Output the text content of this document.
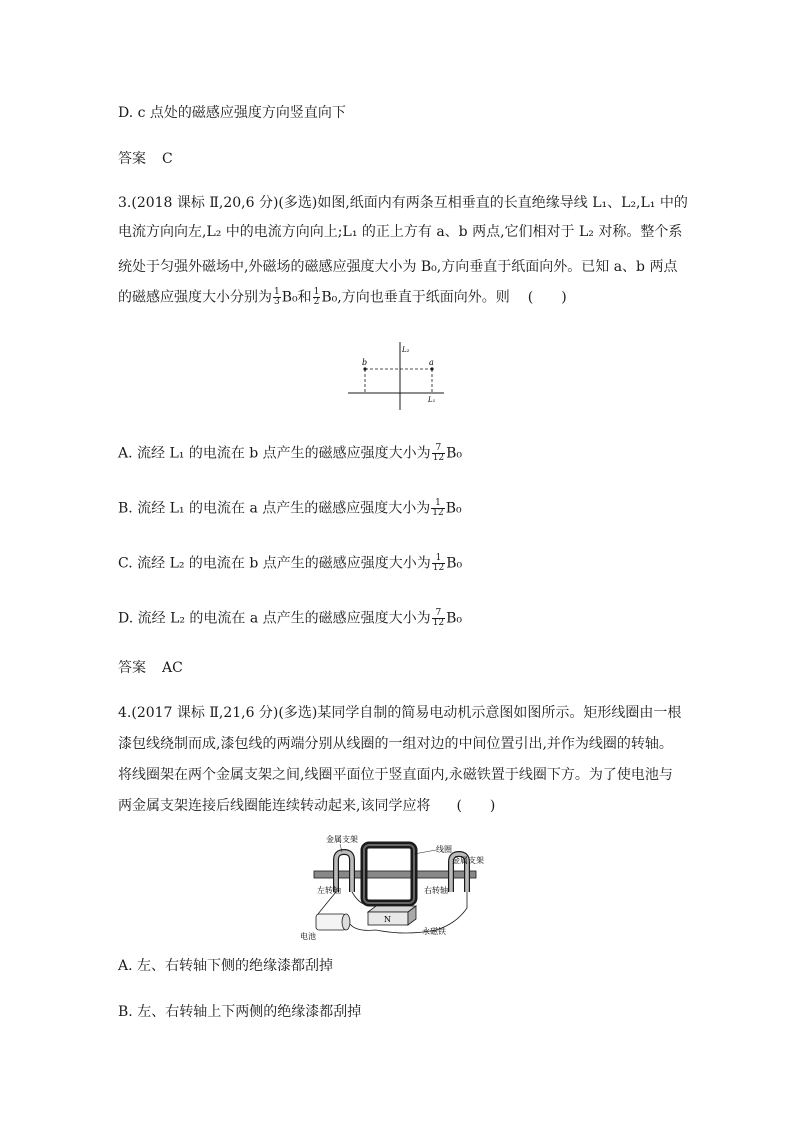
D. c 点处的磁感应强度方向竖直向下
答案 C
3.(2018 课标 Ⅱ,20,6 分)(多选)如图,纸面内有两条互相垂直的长直绝缘导线 L₁、L₂,L₁ 中的
电流方向向左,L₂ 中的电流方向向上;L₁ 的正上方有 a、b 两点,它们相对于 L₂ 对称。整个系
统处于匀强外磁场中,外磁场的磁感应强度大小为 B₀,方向垂直于纸面向外。已知 a、b 两点
的磁感应强度大小分别为 $\frac{1}{3} B_0$和 $\frac{1}{2} B_0$,方向也垂直于纸面向外。则 (　　)
b	a
L₂
L₁
A. 流经 L₁ 的电流在 b 点产生的磁感应强度大小为 $\frac{7}{12} B_0$
B. 流经 L₁ 的电流在 a 点产生的磁感应强度大小为 $\frac{1}{12} B_0$
C. 流经 L₂ 的电流在 b 点产生的磁感应强度大小为 $\frac{1}{12} B_0$
D. 流经 L₂ 的电流在 a 点产生的磁感应强度大小为 $\frac{7}{12} B_0$
答案 AC
4.(2017 课标 Ⅱ,21,6 分)(多选)某同学自制的简易电动机示意图如图所示。矩形线圈由一根
漆包线绕制而成,漆包线的两端分别从线圈的一组对边的中间位置引出,并作为线圈的转轴。
将线圈架在两个金属支架之间,线圈平面位于竖直面内,永磁铁置于线圈下方。为了使电池与
两金属支架连接后线圈能连续转动起来,该同学应将 (　　)
N
金属支架
线圈
金属支架
左转轴	右转轴
电池
永磁铁
A. 左、右转轴下侧的绝缘漆都刮掉
B. 左、右转轴上下两侧的绝缘漆都刮掉
